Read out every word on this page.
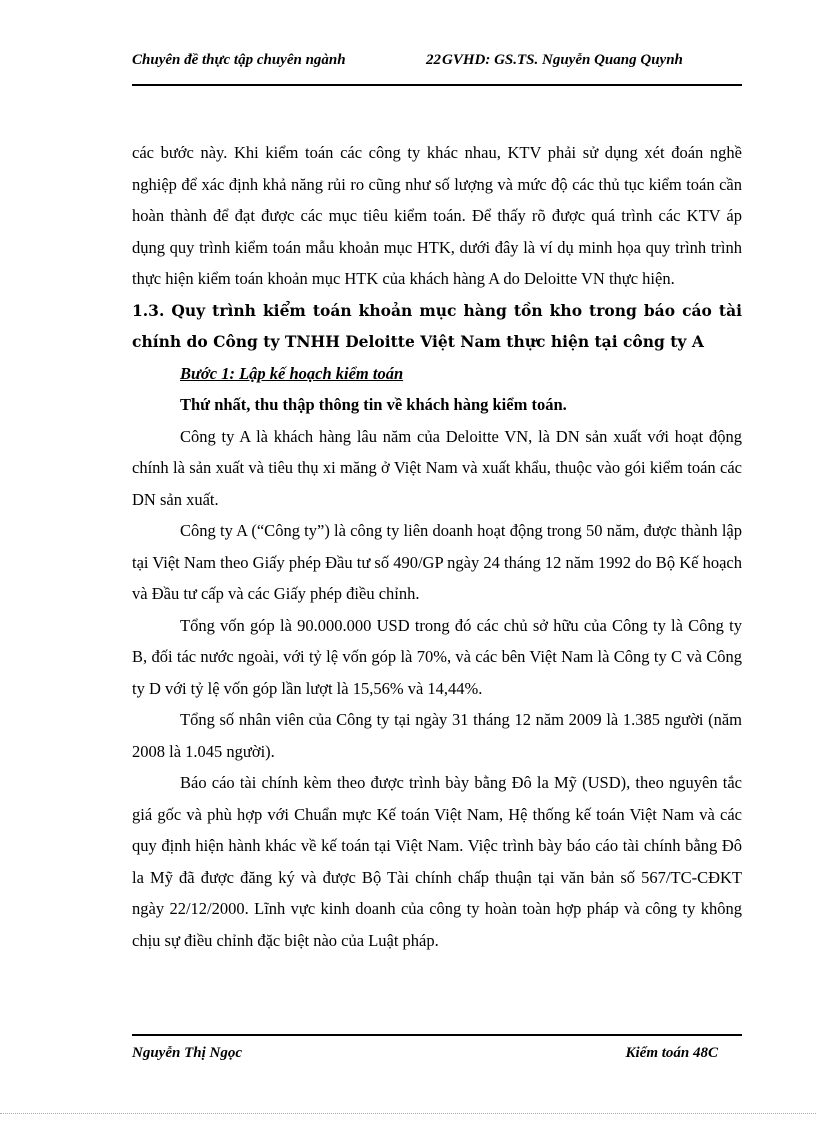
Chuyên đề thực tập chuyên ngành	22 GVHD: GS.TS. Nguyễn Quang Quynh

các bước này. Khi kiểm toán các công ty khác nhau, KTV phải sử dụng xét đoán nghề nghiệp để xác định khả năng rủi ro cũng như số lượng và mức độ các thủ tục kiểm toán cần hoàn thành để đạt được các mục tiêu kiểm toán. Để thấy rõ được quá trình các KTV áp dụng quy trình kiểm toán mẫu khoản mục HTK, dưới đây là ví dụ minh họa quy trình trình thực hiện kiểm toán khoản mục HTK của khách hàng A do Deloitte VN thực hiện.

1.3. Quy trình kiểm toán khoản mục hàng tồn kho trong báo cáo tài chính do Công ty TNHH Deloitte Việt Nam thực hiện tại công ty A

Bước 1: Lập kế hoạch kiểm toán

Thứ nhất, thu thập thông tin về khách hàng kiểm toán.

Công ty A là khách hàng lâu năm của Deloitte VN, là DN sản xuất với hoạt động chính là sản xuất và tiêu thụ xi măng ở Việt Nam và xuất khẩu, thuộc vào gói kiểm toán các DN sản xuất.

Công ty A (“Công ty”) là công ty liên doanh hoạt động trong 50 năm, được thành lập tại Việt Nam theo Giấy phép Đầu tư số 490/GP ngày 24 tháng 12 năm 1992 do Bộ Kế hoạch và Đầu tư cấp và các Giấy phép điều chỉnh.

Tổng vốn góp là 90.000.000 USD trong đó các chủ sở hữu của Công ty là Công ty B, đối tác nước ngoài, với tỷ lệ vốn góp là 70%, và các bên Việt Nam là Công ty C và Công ty D với tỷ lệ vốn góp lần lượt là 15,56% và 14,44%.

Tổng số nhân viên của Công ty tại ngày 31 tháng 12 năm 2009 là 1.385 người (năm 2008 là 1.045 người).

Báo cáo tài chính kèm theo được trình bày bằng Đô la Mỹ (USD), theo nguyên tắc giá gốc và phù hợp với Chuẩn mực Kế toán Việt Nam, Hệ thống kế toán Việt Nam và các quy định hiện hành khác về kế toán tại Việt Nam. Việc trình bày báo cáo tài chính bằng Đô la Mỹ đã được đăng ký và được Bộ Tài chính chấp thuận tại văn bản số 567/TC-CĐKT ngày 22/12/2000. Lĩnh vực kinh doanh của công ty hoàn toàn hợp pháp và công ty không chịu sự điều chỉnh đặc biệt nào của Luật pháp.

Nguyễn Thị Ngọc	Kiểm toán 48C
